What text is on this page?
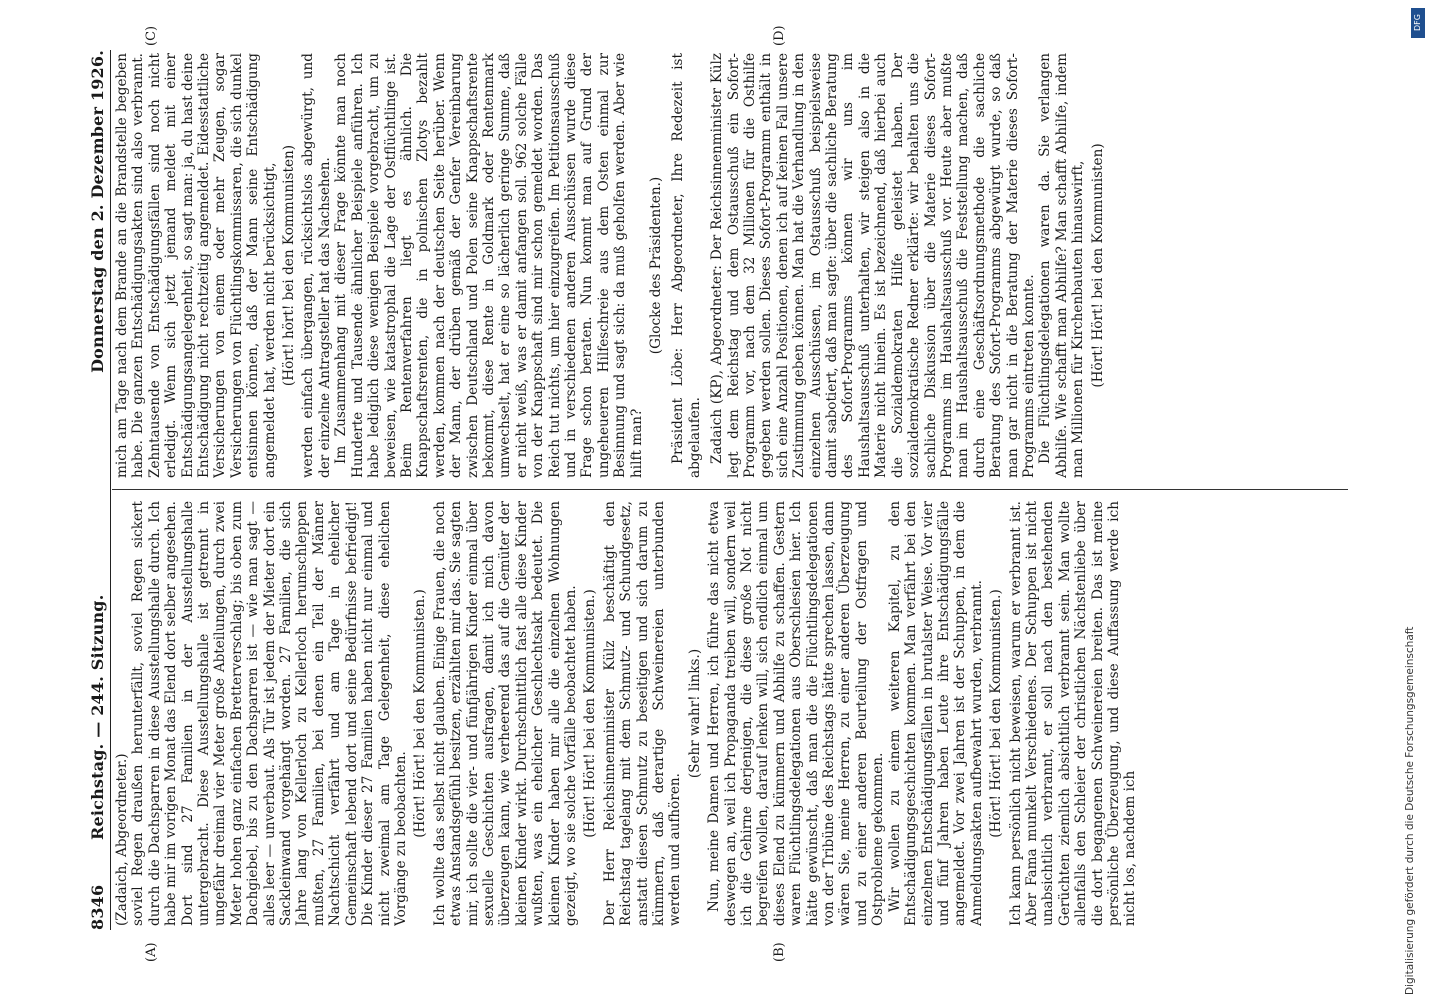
8346
Reichstag. — 244. Sitzung.
Donnerstag den 2. Dezember 1926.

(Zadaich, Abgeordneter.) soviel Regen draußen herunterfällt, soviel Regen sickert durch die Dachsparren in diese Ausstellungshalle durch. Ich habe mir im vorigen Monat das Elend dort selber angesehen. Dort sind 27 Familien in der Ausstellungshalle untergebracht. Diese Ausstellungshalle ist getrennt in ungefähr dreimal vier Meter große Abteilungen, durch zwei Meter hohen ganz einfachen Bretterverschlag; bis oben zum Dachgiebel, bis zu den Dachsparren ist — wie man sagt — alles leer — unverbaut. Als Tür ist jedem der Mieter dort ein Sackleinwand vorgehängt worden. 27 Familien, die sich Jahre lang von Kellerloch zu Kellerloch herumschleppen mußten, 27 Familien, bei denen ein Teil der Männer Nachtschicht verfährt und am Tage in ehelicher Gemeinschaft lebend dort und seine Bedürfnisse befriedigt! Die Kinder dieser 27 Familien haben nicht nur einmal und nicht zweimal am Tage Gelegenheit, diese ehelichen Vorgänge zu beobachten.

(Hört! Hört! bei den Kommunisten.) Ich wollte das selbst nicht glauben. Einige Frauen, die noch etwas Anstandsgefühl besitzen, erzählten mir das. Sie sagten mir, ich sollte die vier- und fünfjährigen Kinder einmal über sexuelle Geschichten ausfragen, damit ich mich davon überzeugen kann, wie verheerend das auf die Gemüter der kleinen Kinder wirkt. Durchschnittlich fast alle diese Kinder wußten, was ein ehelicher Geschlechtsakt bedeutet. Die kleinen Kinder haben mir alle die einzelnen Wohnungen gezeigt, wo sie solche Vorfälle beobachtet haben. (Hört! Hört! bei den Kommunisten.) Der Herr Reichsinnenminister Külz beschäftigt den Reichstag tagelang mit dem Schmutz- und Schundgesetz, anstatt diesen Schmutz zu beseitigen und sich darum zu kümmern, daß derartige Schweinereien unterbunden werden und aufhören.

(Sehr wahr! links.) Nun, meine Damen und Herren, ich führe das nicht etwa deswegen an, weil ich Propaganda treiben will, sondern weil ich die Gehirne derjenigen, die diese große Not nicht begreifen wollen, darauf lenken will, sich endlich einmal um dieses Elend zu kümmern und Abhilfe zu schaffen. Gestern waren Flüchtlingsdelegationen aus Oberschlesien hier. Ich hätte gewünscht, daß man die die Flüchtlingsdelegationen von der Tribüne des Reichstags hätte sprechen lassen, dann wären Sie, meine Herren, zu einer anderen Überzeugung und zu einer anderen Beurteilung der Ostfragen und Ostprobleme gekommen. Wir wollen zu einem weiteren Kapitel, zu den Entschädigungsgeschichten kommen. Man verfährt bei den einzelnen Entschädigungsfällen in brutalster Weise. Vor vier und fünf Jahren haben Leute ihre Entschädigungsfälle angemeldet. Vor zwei Jahren ist der Schuppen, in dem die Anmeldungsakten aufbewahrt wurden, verbrannt. (Hört! Hört! bei den Kommunisten.) Ich kann persönlich nicht beweisen, warum er verbrannt ist. Aber Fama munkelt Verschiedenes. Der Schuppen ist nicht unabsichtlich verbrannt, er soll nach den bestehenden Gerüchten ziemlich absichtlich verbrannt sein. Man wollte allenfalls den Schleier der christlichen Nächstenliebe über die dort begangenen Schweinereien breiten. Das ist meine persönliche Überzeugung, und diese Auffassung werde ich nicht los, nachdem ich

mich am Tage nach dem Brande an die Brandstelle begeben habe. Die ganzen Entschädigungsakten sind also verbrannt. Zehntausende von Entschädigungsfällen sind noch nicht erledigt. Wenn sich jetzt jemand meldet mit einer Entschädigungsangelegenheit, so sagt man: ja, du hast deine Entschädigung nicht rechtzeitig angemeldet. Eidesstattliche Versicherungen von einem oder mehr Zeugen, sogar Versicherungen von Flüchtlingskommissaren, die sich dunkel entsinnen können, daß der Mann seine Entschädigung angemeldet hat, werden nicht berücksichtigt, (Hört! hört! bei den Kommunisten) werden einfach übergangen, rücksichtslos abgewürgt, und der einzelne Antragsteller hat das Nachsehen. Im Zusammenhang mit dieser Frage könnte man noch Hunderte und Tausende ähnlicher Beispiele anführen. Ich habe lediglich diese wenigen Beispiele vorgebracht, um zu beweisen, wie katastrophal die Lage der Ostflüchtlinge ist. Beim Rentenverfahren liegt es ähnlich. Die Knappschaftsrenten, die in polnischen Zlotys bezahlt werden, kommen nach der deutschen Seite herüber. Wenn der Mann, der drüben gemäß der Genfer Vereinbarung zwischen Deutschland und Polen seine Knappschaftsrente bekommt, diese Rente in Goldmark oder Rentenmark umwechselt, hat er eine so lächerlich geringe Summe, daß er nicht weiß, was er damit anfangen soll. 962 solche Fälle von der Knappschaft sind mir schon gemeldet worden. Das Reich tut nichts, um hier einzugreifen. Im Petitionsausschuß und in verschiedenen anderen Ausschüssen wurde diese Frage schon beraten. Nun kommt man auf Grund der ungeheueren Hilfeschreie aus dem Osten einmal zur Besinnung und sagt sich: da muß geholfen werden. Aber wie hilft man?

(Glocke des Präsidenten.) Präsident Löbe: Herr Abgeordneter, Ihre Redezeit ist abgelaufen. Zadaich (KP), Abgeordneter: Der Reichsinnenminister Külz legt dem Reichstag und dem Ostausschuß ein Sofort-Programm vor, nach dem 32 Millionen für die Osthilfe gegeben werden sollen. Dieses Sofort-Programm enthält in sich eine Anzahl Positionen, denen ich auf keinen Fall unsere Zustimmung geben können. Man hat die Verhandlung in den einzelnen Ausschüssen, im Ostausschuß beispielsweise damit sabotiert, daß man sagte: über die sachliche Beratung des Sofort-Programms können wir uns im Haushaltsausschuß unterhalten, wir steigen also in die Materie nicht hinein. Es ist bezeichnend, daß hierbei auch die Sozialdemokraten Hilfe geleistet haben. Der sozialdemokratische Redner erklärte: wir behalten uns die sachliche Diskussion über die Materie dieses Sofort-Programms im Haushaltsausschuß vor. Heute aber mußte man im Haushaltsausschuß die Feststellung machen, daß durch eine Geschäftsordnungsmethode die sachliche Beratung des Sofort-Programms abgewürgt wurde, so daß man gar nicht in die Beratung der Materie dieses Sofort-Programms eintreten konnte. Die Flüchtlingsdelegationen waren da. Sie verlangen Abhilfe. Wie schafft man Abhilfe? Man schafft Abhilfe, indem man Millionen für Kirchenbauten hinauswirft, (Hört! Hört! bei den Kommunisten)

(A)	(B)
(C)	(D)
Digitalisierung gefördert durch die Deutsche Forschungsgemeinschaft
DFG
